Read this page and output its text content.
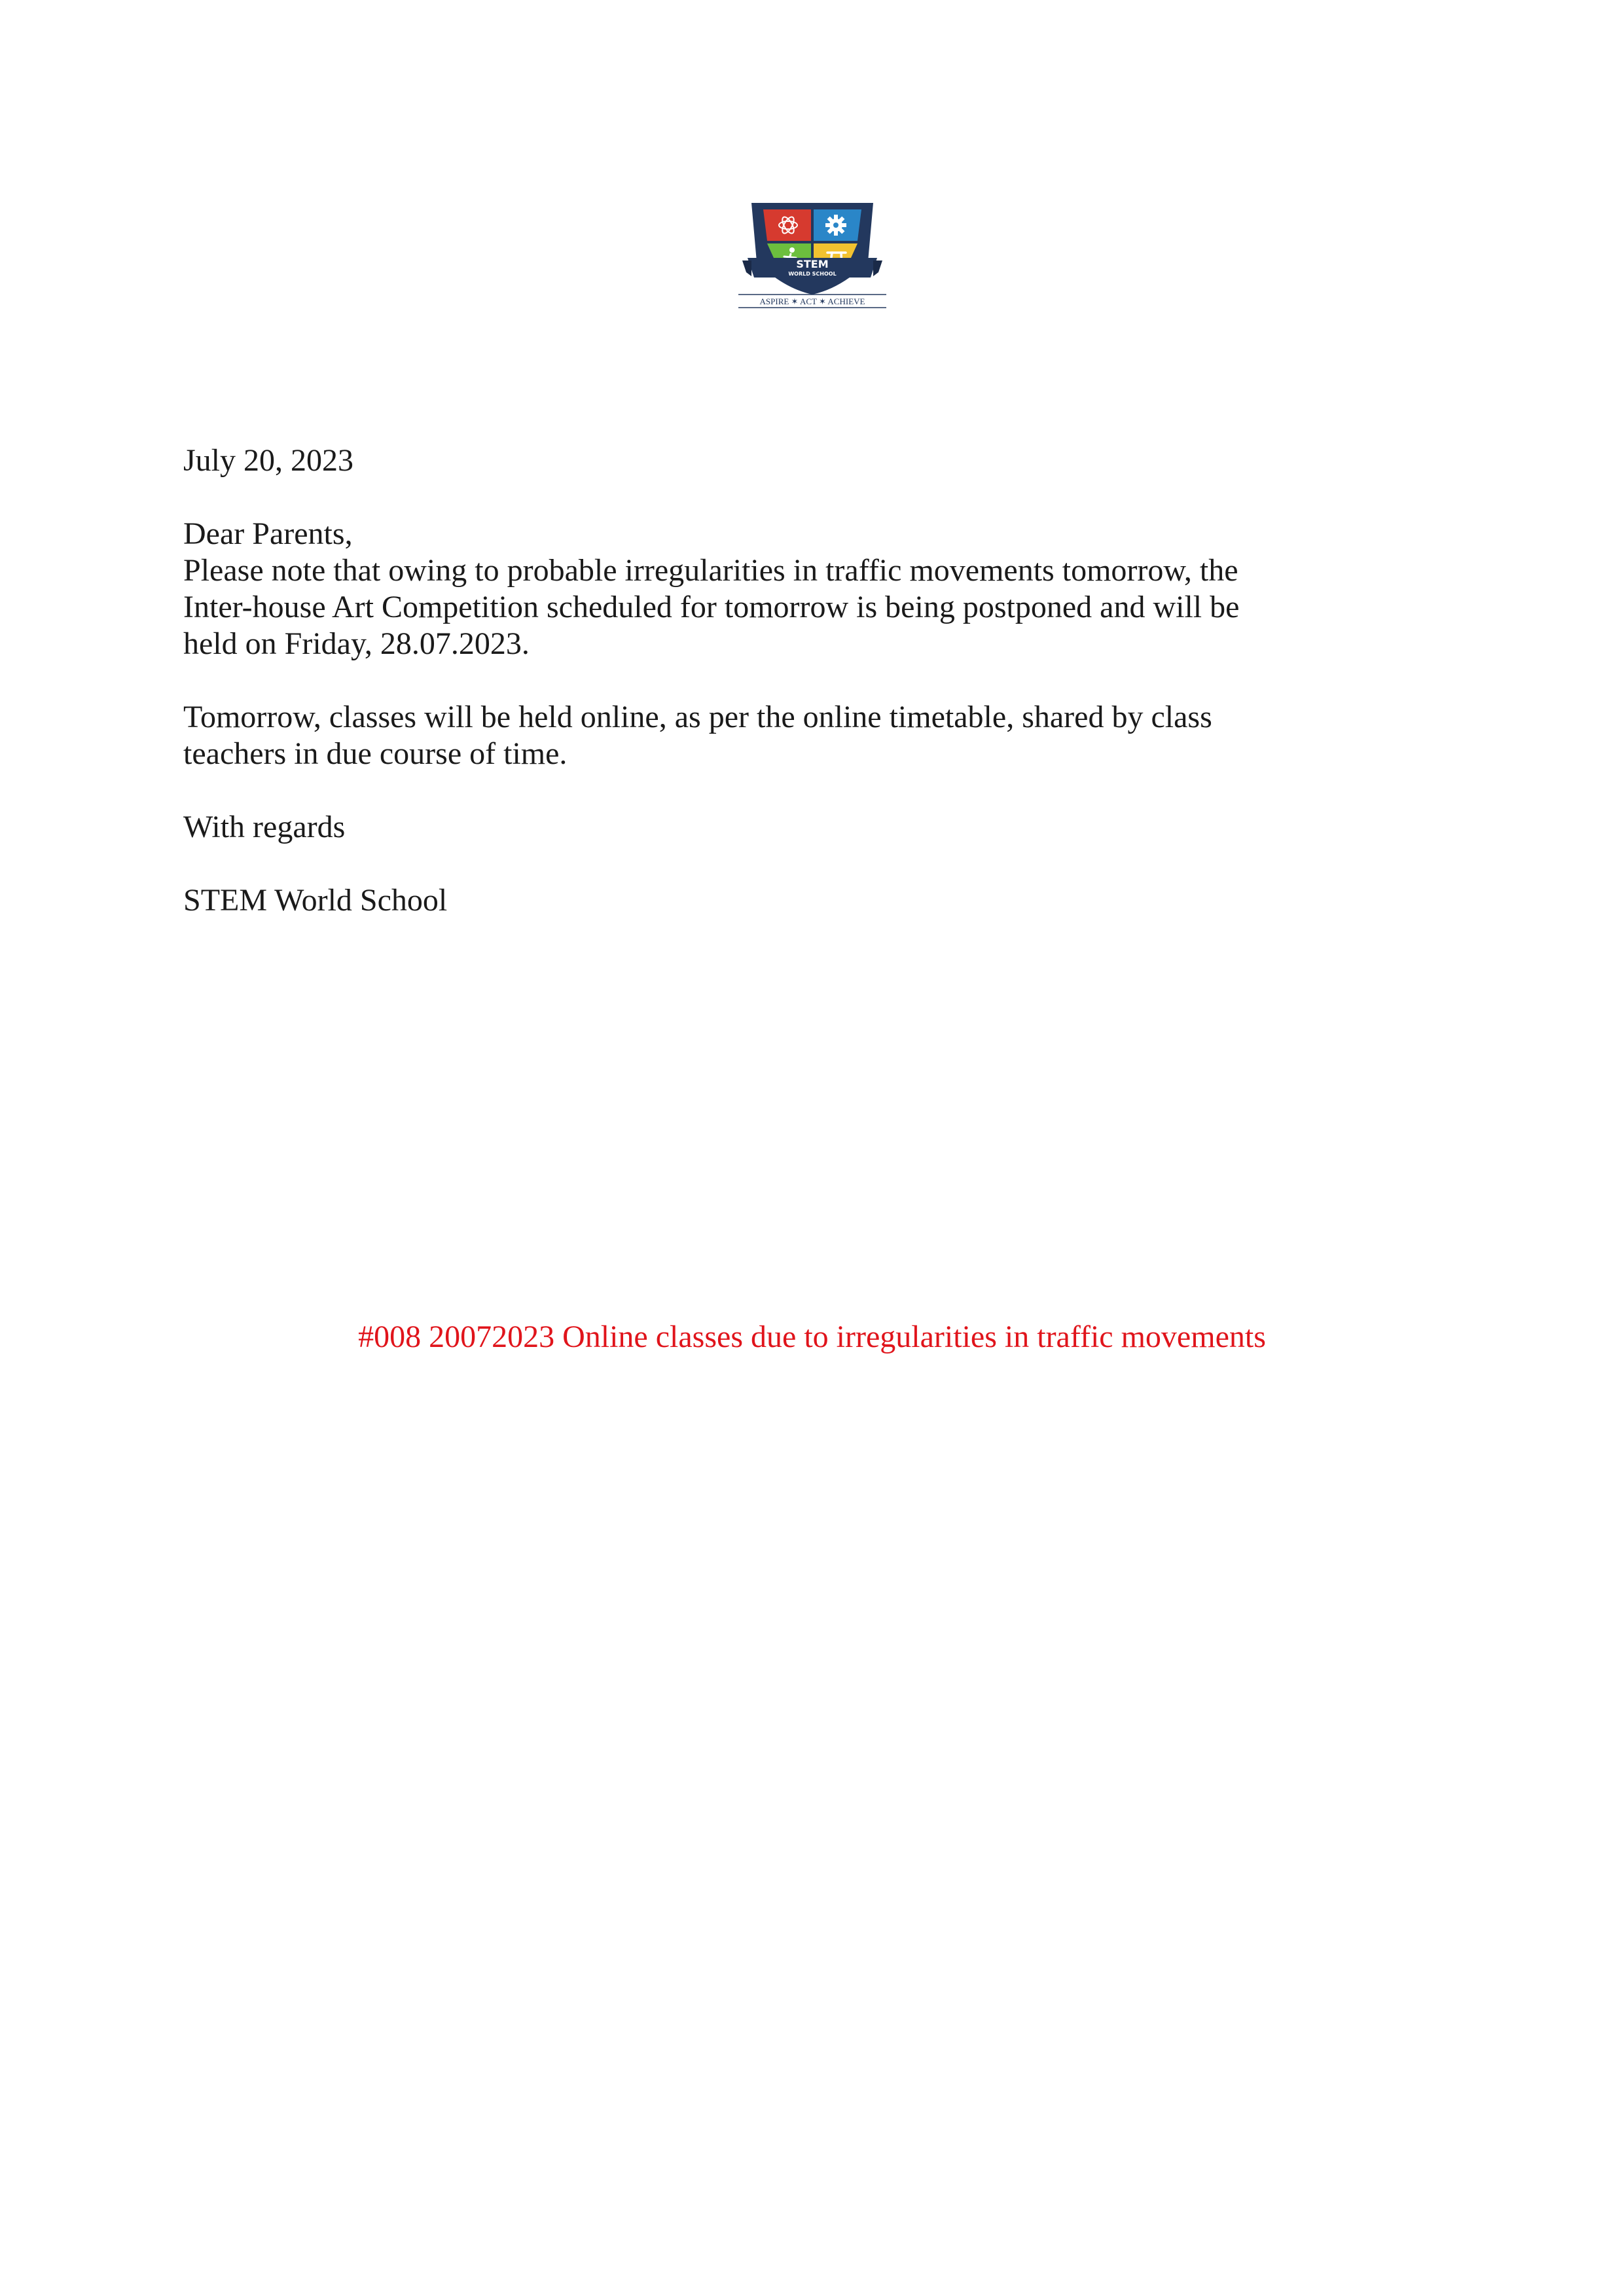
STEM
WORLD SCHOOL
ASPIRE ✶ ACT ✶ ACHIEVE

July 20, 2023

Dear Parents,

Please note that owing to probable irregularities in traffic movements tomorrow, the

Inter-house Art Competition scheduled for tomorrow is being postponed and will be

held on Friday, 28.07.2023.

Tomorrow, classes will be held online, as per the online timetable, shared by class

teachers in due course of time.

With regards

STEM World School

#008 20072023 Online classes due to irregularities in traffic movements
